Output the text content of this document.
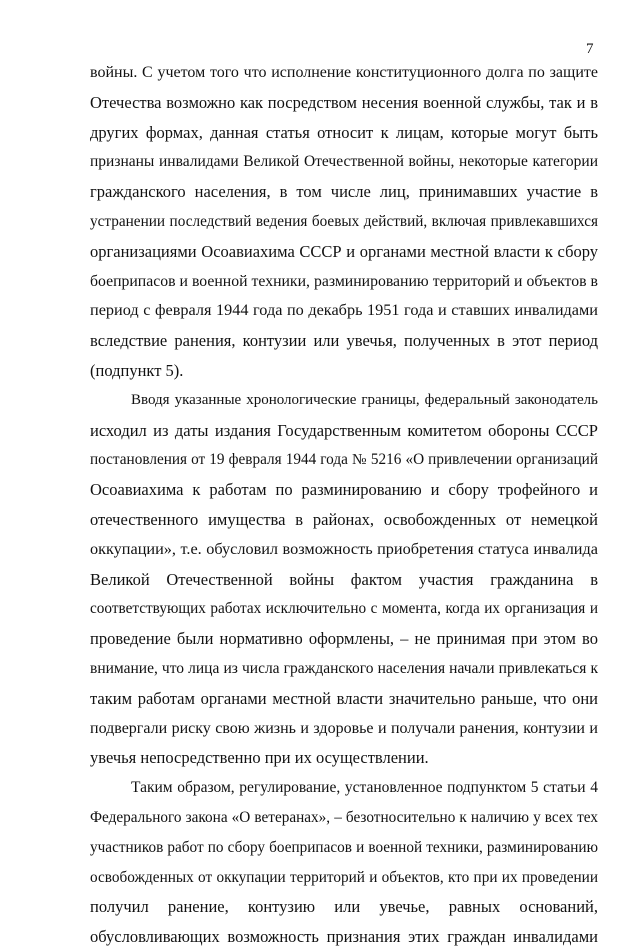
7
войны. С учетом того что исполнение конституционного долга по защите
Отечества возможно как посредством несения военной службы, так и в
других формах, данная статья относит к лицам, которые могут быть
признаны инвалидами Великой Отечественной войны, некоторые категории
гражданского населения, в том числе лиц, принимавших участие в
устранении последствий ведения боевых действий, включая привлекавшихся
организациями Осоавиахима СССР и органами местной власти к сбору
боеприпасов и военной техники, разминированию территорий и объектов в
период с февраля 1944 года по декабрь 1951 года и ставших инвалидами
вследствие ранения, контузии или увечья, полученных в этот период
(подпункт 5).
Вводя указанные хронологические границы, федеральный законодатель
исходил из даты издания Государственным комитетом обороны СССР
постановления от 19 февраля 1944 года № 5216 «О привлечении организаций
Осоавиахима к работам по разминированию и сбору трофейного и
отечественного имущества в районах, освобожденных от немецкой
оккупации», т.е. обусловил возможность приобретения статуса инвалида
Великой Отечественной войны фактом участия гражданина в
соответствующих работах исключительно с момента, когда их организация и
проведение были нормативно оформлены, – не принимая при этом во
внимание, что лица из числа гражданского населения начали привлекаться к
таким работам органами местной власти значительно раньше, что они
подвергали риску свою жизнь и здоровье и получали ранения, контузии и
увечья непосредственно при их осуществлении.
Таким образом, регулирование, установленное подпунктом 5 статьи 4
Федерального закона «О ветеранах», – безотносительно к наличию у всех тех
участников работ по сбору боеприпасов и военной техники, разминированию
освобожденных от оккупации территорий и объектов, кто при их проведении
получил ранение, контузию или увечье, равных оснований,
обусловливающих возможность признания этих граждан инвалидами
